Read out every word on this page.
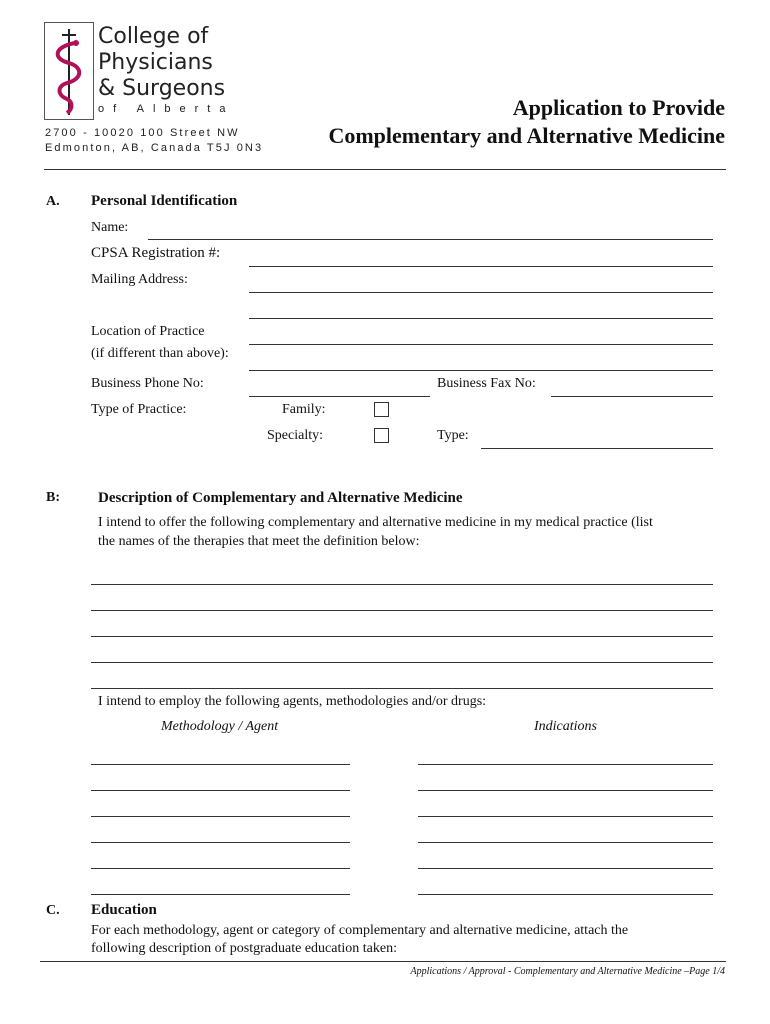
College of
Physicians
& Surgeons
of Alberta
2700 - 10020 100 Street NW
Edmonton, AB, Canada T5J 0N3
Application to Provide
Complementary and Alternative Medicine
A. Personal Identification
Name:
CPSA Registration #:
Mailing Address:
Location of Practice
(if different than above):
Business Phone No:	Business Fax No:
Type of Practice:	Family:
Specialty:	Type:
B:	Description of Complementary and Alternative Medicine
I intend to offer the following complementary and alternative medicine in my medical practice (list
the names of the therapies that meet the definition below:
I intend to employ the following agents, methodologies and/or drugs:
Methodology / Agent	Indications
C. Education
For each methodology, agent or category of complementary and alternative medicine, attach the
following description of postgraduate education taken:
Applications / Approval - Complementary and Alternative Medicine –Page 1/4
